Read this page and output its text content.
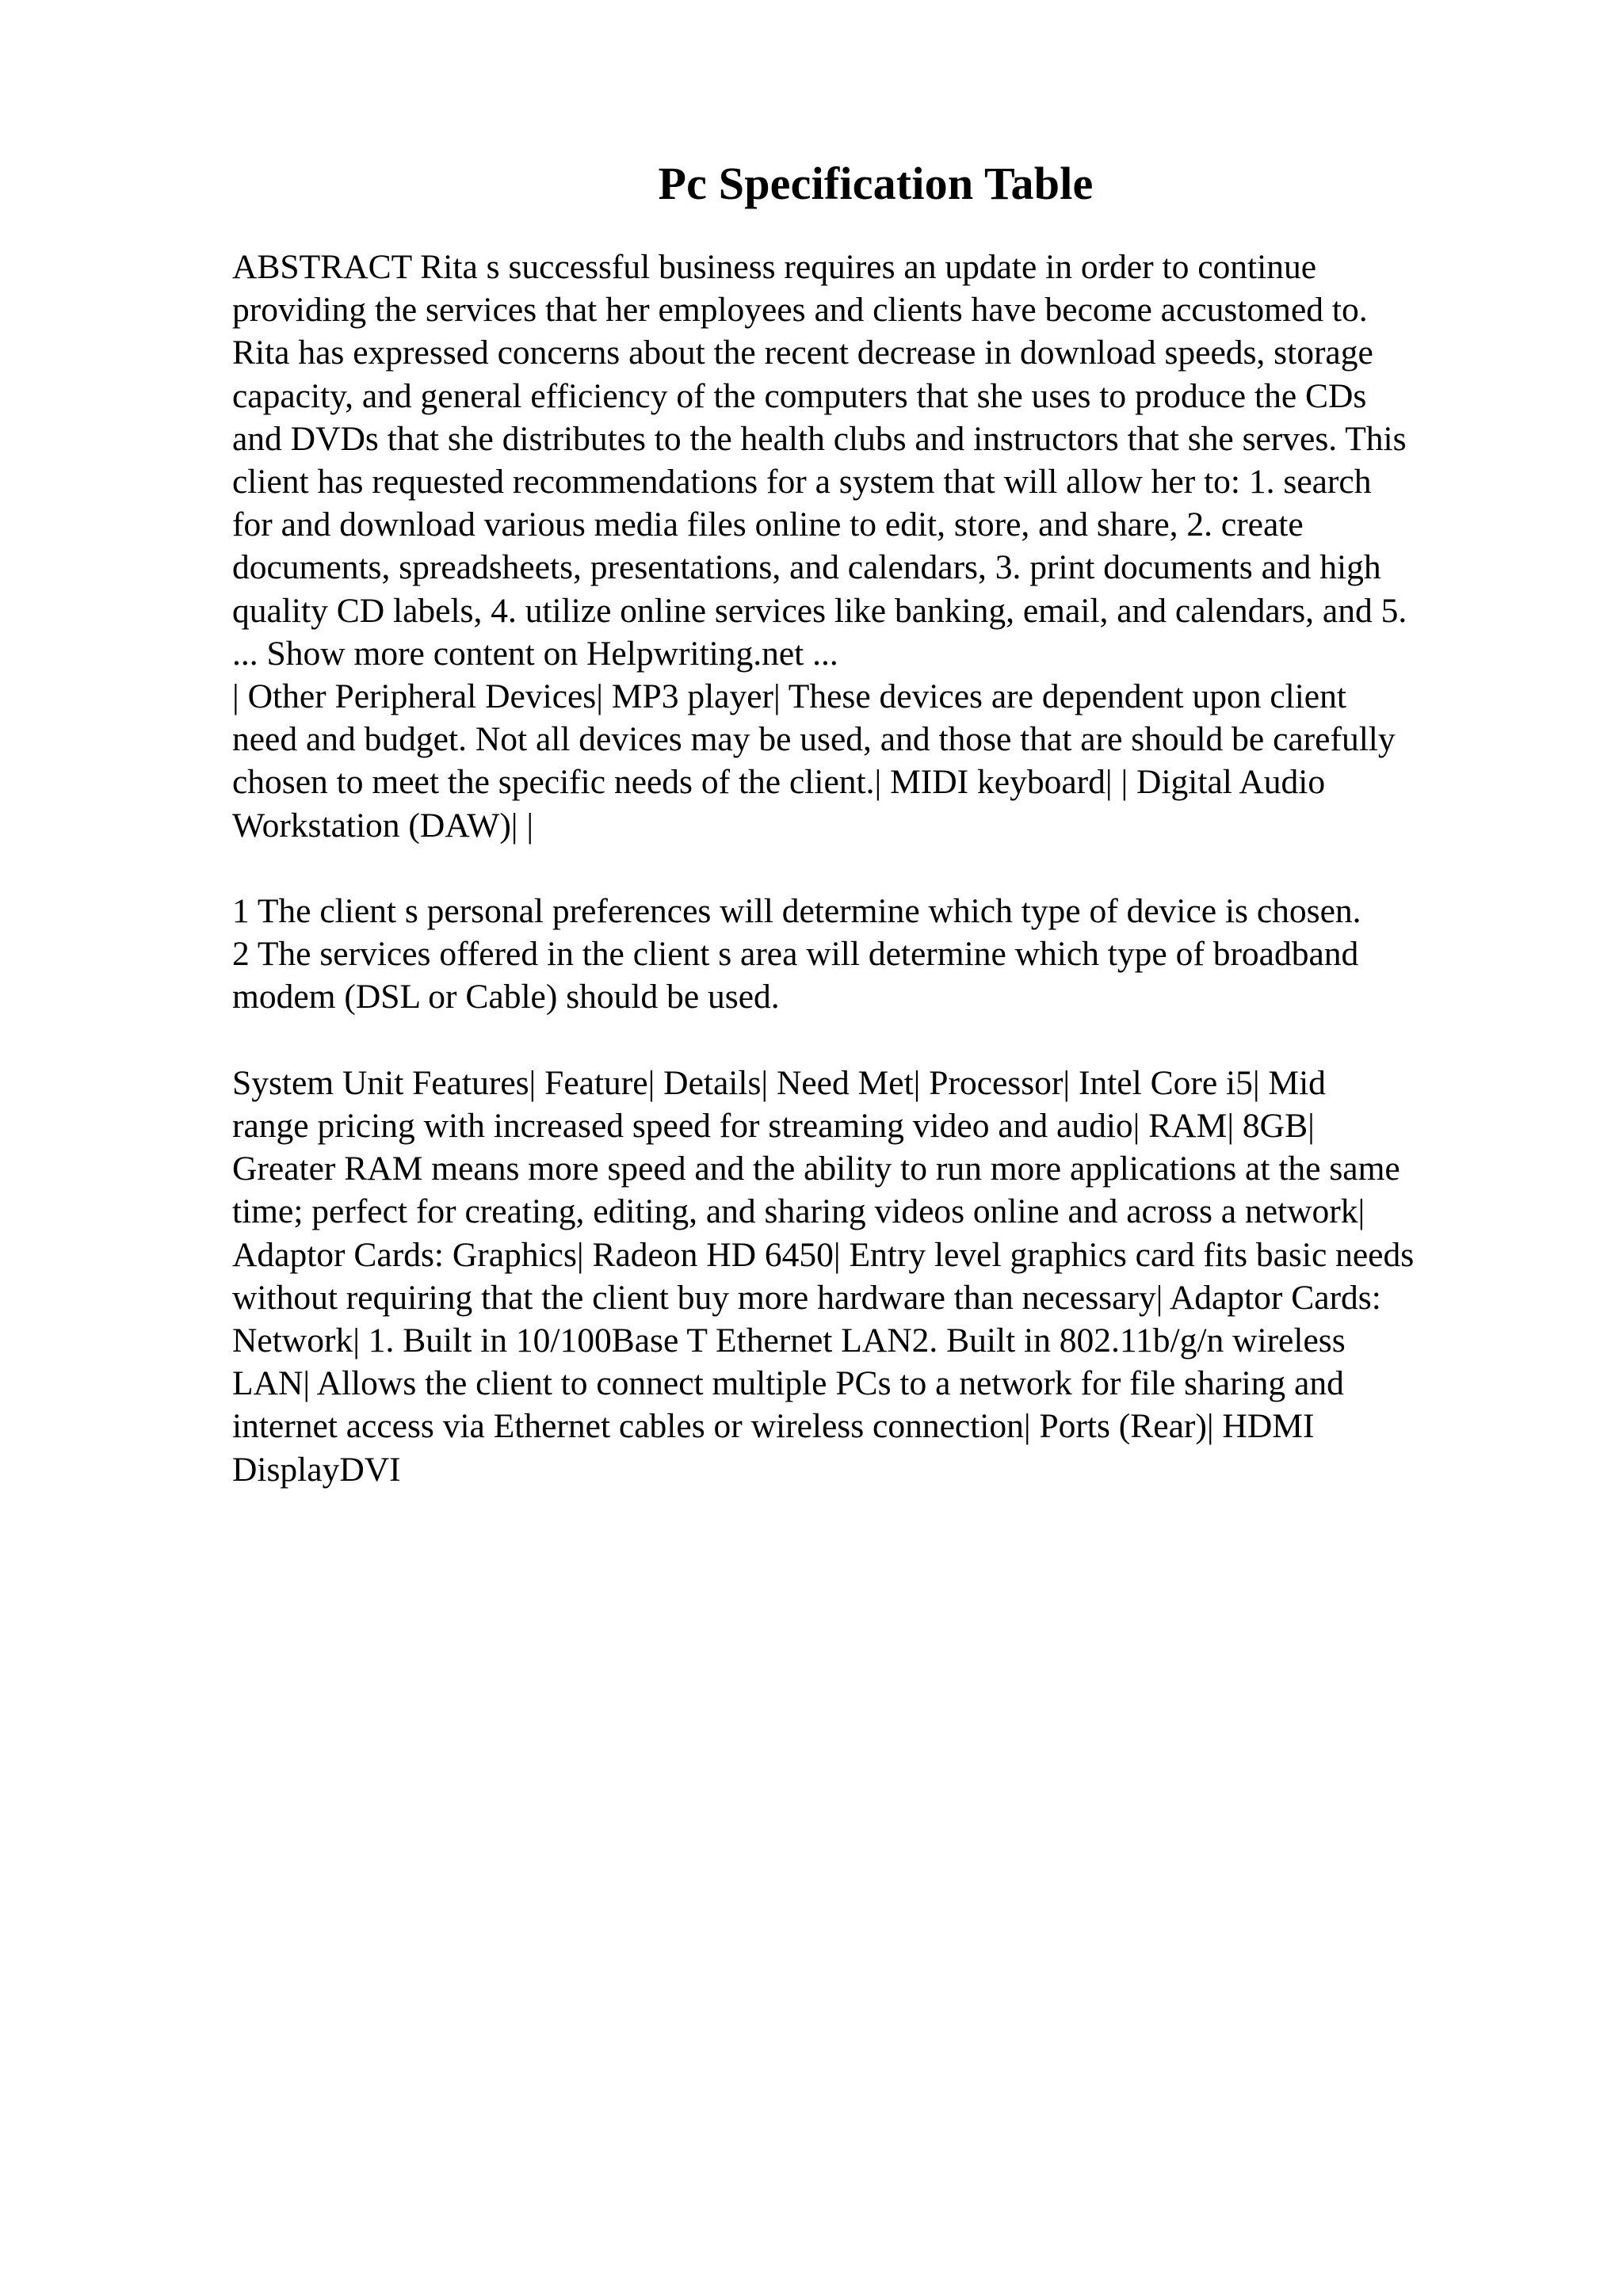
Pc Specification Table
ABSTRACT Rita s successful business requires an update in order to continue
providing the services that her employees and clients have become accustomed to.
Rita has expressed concerns about the recent decrease in download speeds, storage
capacity, and general efficiency of the computers that she uses to produce the CDs
and DVDs that she distributes to the health clubs and instructors that she serves. This
client has requested recommendations for a system that will allow her to: 1. search
for and download various media files online to edit, store, and share, 2. create
documents, spreadsheets, presentations, and calendars, 3. print documents and high
quality CD labels, 4. utilize online services like banking, email, and calendars, and 5.
... Show more content on Helpwriting.net ...
| Other Peripheral Devices| MP3 player| These devices are dependent upon client
need and budget. Not all devices may be used, and those that are should be carefully
chosen to meet the specific needs of the client.| MIDI keyboard| | Digital Audio
Workstation (DAW)| |
1 The client s personal preferences will determine which type of device is chosen.
2 The services offered in the client s area will determine which type of broadband
modem (DSL or Cable) should be used.
System Unit Features| Feature| Details| Need Met| Processor| Intel Core i5| Mid
range pricing with increased speed for streaming video and audio| RAM| 8GB|
Greater RAM means more speed and the ability to run more applications at the same
time; perfect for creating, editing, and sharing videos online and across a network|
Adaptor Cards: Graphics| Radeon HD 6450| Entry level graphics card fits basic needs
without requiring that the client buy more hardware than necessary| Adaptor Cards:
Network| 1. Built in 10/100Base T Ethernet LAN2. Built in 802.11b/g/n wireless
LAN| Allows the client to connect multiple PCs to a network for file sharing and
internet access via Ethernet cables or wireless connection| Ports (Rear)| HDMI
DisplayDVI
